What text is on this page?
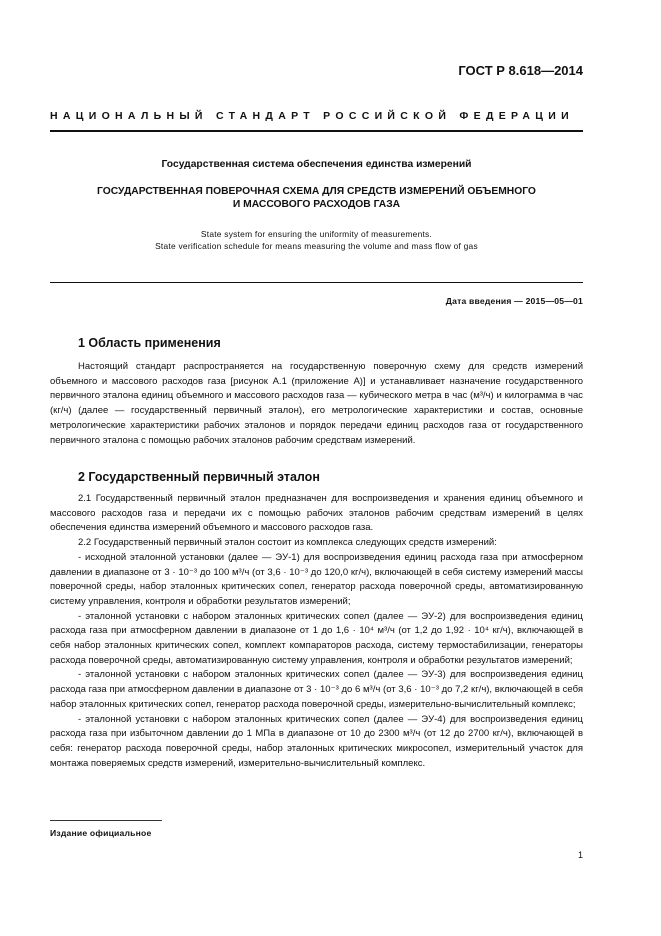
ГОСТ Р 8.618—2014
НАЦИОНАЛЬНЫЙ СТАНДАРТ РОССИЙСКОЙ ФЕДЕРАЦИИ
Государственная система обеспечения единства измерений
ГОСУДАРСТВЕННАЯ ПОВЕРОЧНАЯ СХЕМА ДЛЯ СРЕДСТВ ИЗМЕРЕНИЙ ОБЪЕМНОГО
И МАССОВОГО РАСХОДОВ ГАЗА
State system for ensuring the uniformity of measurements.
State verification schedule for means measuring the volume and mass flow of gas
Дата введения — 2015—05—01
1 Область применения

Настоящий стандарт распространяется на государственную поверочную схему для средств измерений объемного и массового расходов газа [рисунок А.1 (приложение А)] и устанавливает назначение государственного первичного эталона единиц объемного и массового расходов газа — кубического метра в час (м³/ч) и килограмма в час (кг/ч) (далее — государственный первичный эталон), его метрологические характеристики и состав, основные метрологические характеристики рабочих эталонов и порядок передачи единиц расходов газа от государственного первичного эталона с помощью рабочих эталонов рабочим средствам измерений.

2 Государственный первичный эталон

2.1 Государственный первичный эталон предназначен для воспроизведения и хранения единиц объемного и массового расходов газа и передачи их с помощью рабочих эталонов рабочим средствам измерений в целях обеспечения единства измерений объемного и массового расходов газа.

2.2 Государственный первичный эталон состоит из комплекса следующих средств измерений:

- исходной эталонной установки (далее — ЭУ-1) для воспроизведения единиц расхода газа при атмосферном давлении в диапазоне от 3 · 10⁻³ до 100 м³/ч (от 3,6 · 10⁻³ до 120,0 кг/ч), включающей в себя систему измерений массы поверочной среды, набор эталонных критических сопел, генератор расхода поверочной среды, автоматизированную систему управления, контроля и обработки результатов измерений;

- эталонной установки с набором эталонных критических сопел (далее — ЭУ-2) для воспроизведения единиц расхода газа при атмосферном давлении в диапазоне от 1 до 1,6 · 10⁴ м³/ч (от 1,2 до 1,92 · 10⁴ кг/ч), включающей в себя набор эталонных критических сопел, комплект компараторов расхода, систему термостабилизации, генераторы расхода поверочной среды, автоматизированную систему управления, контроля и обработки результатов измерений;

- эталонной установки с набором эталонных критических сопел (далее — ЭУ-3) для воспроизведения единиц расхода газа при атмосферном давлении в диапазоне от 3 · 10⁻³ до 6 м³/ч (от 3,6 · 10⁻³ до 7,2 кг/ч), включающей в себя набор эталонных критических сопел, генератор расхода поверочной среды, измерительно-вычислительный комплекс;

- эталонной установки с набором эталонных критических сопел (далее — ЭУ-4) для воспроизведения единиц расхода газа при избыточном давлении до 1 МПа в диапазоне от 10 до 2300 м³/ч (от 12 до 2700 кг/ч), включающей в себя: генератор расхода поверочной среды, набор эталонных критических микросопел, измерительный участок для монтажа поверяемых средств измерений, измерительно-вычислительный комплекс.

Издание официальное
1
